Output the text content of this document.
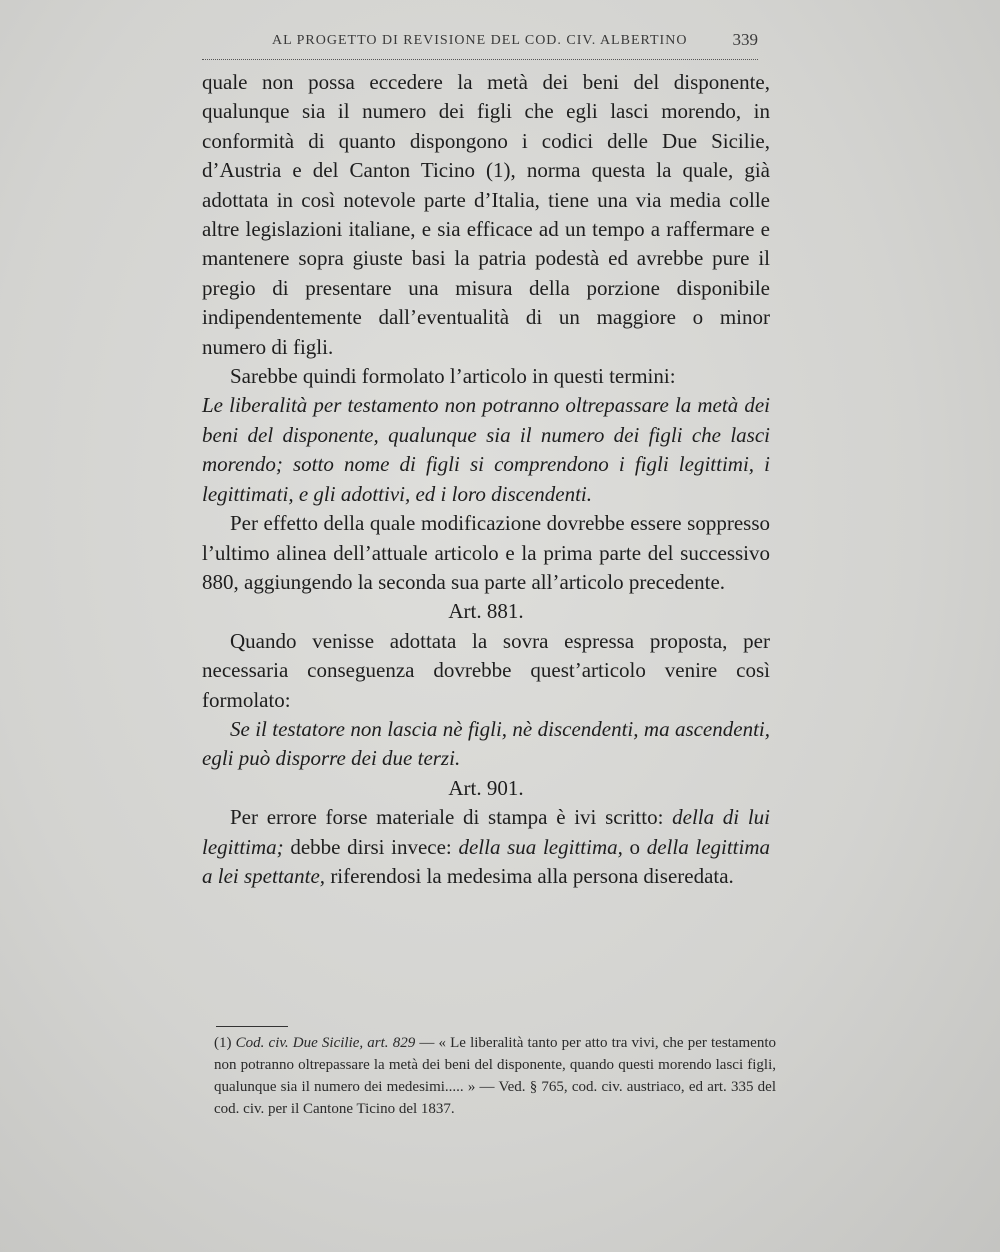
AL PROGETTO DI REVISIONE DEL COD. CIV. ALBERTINO	339

quale non possa eccedere la metà dei beni del disponente, qualunque sia il numero dei figli che egli lasci morendo, in conformità di quanto dispongono i codici delle Due Sicilie, d’Austria e del Canton Ticino (1), norma questa la quale, già adottata in così notevole parte d’Italia, tiene una via media colle altre legislazioni italiane, e sia efficace ad un tempo a raffermare e mantenere sopra giuste basi la patria podestà ed avrebbe pure il pregio di presentare una misura della porzione disponibile indipendentemente dall’eventualità di un maggiore o minor numero di figli.

Sarebbe quindi formolato l’articolo in questi termini:

Le liberalità per testamento non potranno oltrepassare la metà dei beni del disponente, qualunque sia il numero dei figli che lasci morendo; sotto nome di figli si comprendono i figli legittimi, i legittimati, e gli adottivi, ed i loro discendenti.

Per effetto della quale modificazione dovrebbe essere soppresso l’ultimo alinea dell’attuale articolo e la prima parte del successivo 880, aggiungendo la seconda sua parte all’articolo precedente.

Art. 881.

Quando venisse adottata la sovra espressa proposta, per necessaria conseguenza dovrebbe quest’articolo venire così formolato:

Se il testatore non lascia nè figli, nè discendenti, ma ascendenti, egli può disporre dei due terzi.

Art. 901.

Per errore forse materiale di stampa è ivi scritto: della di lui legittima; debbe dirsi invece: della sua legittima, o della legittima a lei spettante, riferendosi la medesima alla persona diseredata.

(1) Cod. civ. Due Sicilie, art. 829 — « Le liberalità tanto per atto tra vivi, che per testamento non potranno oltrepassare la metà dei beni del disponente, quando questi morendo lasci figli, qualunque sia il numero dei medesimi..... » — Ved. § 765, cod. civ. austriaco, ed art. 335 del cod. civ. per il Cantone Ticino del 1837.
